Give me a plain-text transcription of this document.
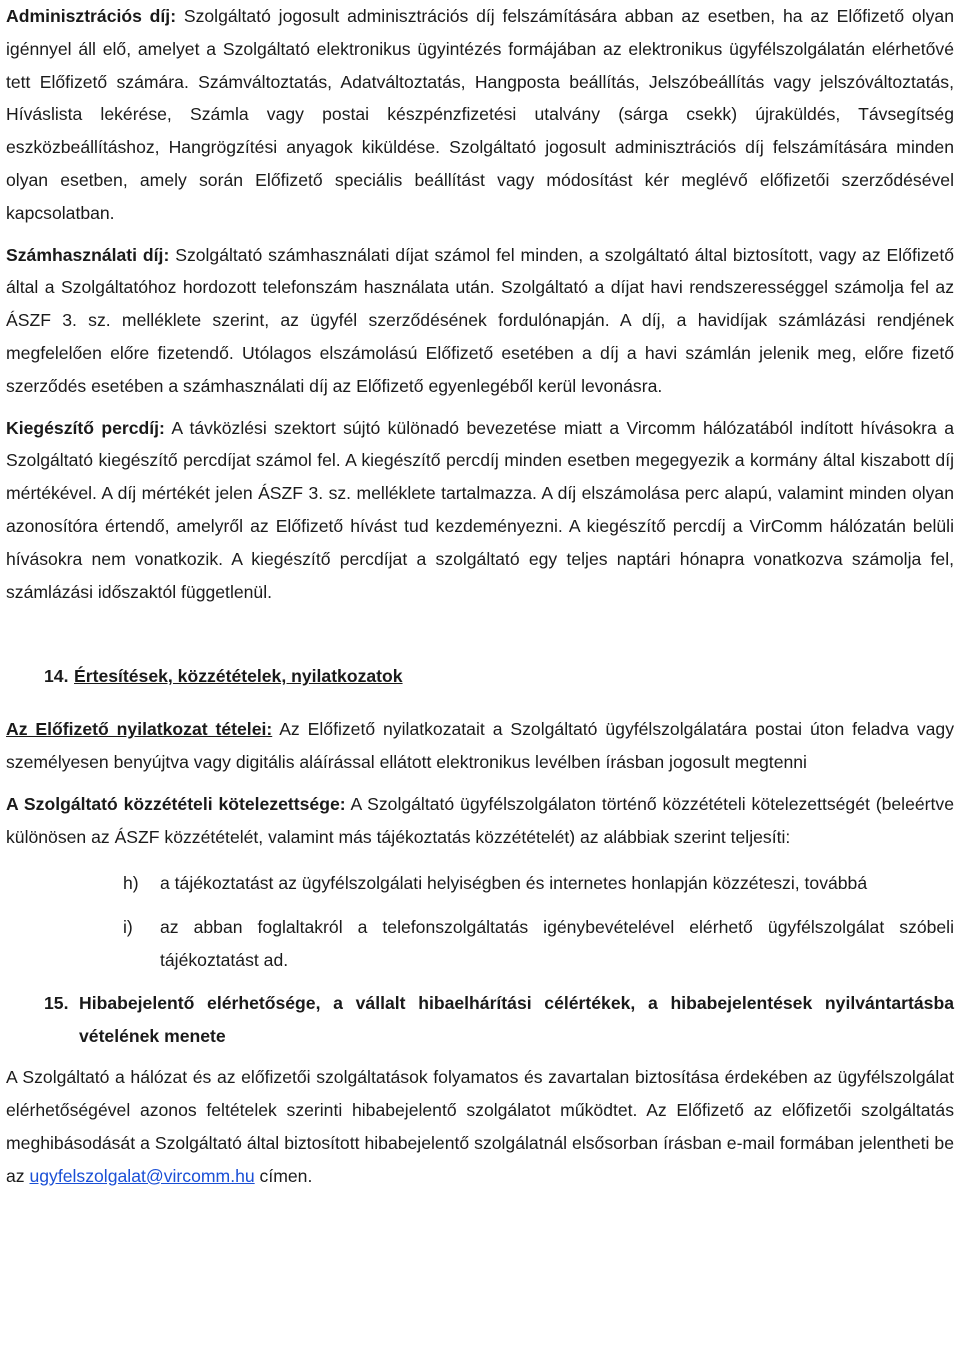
Adminisztrációs díj: Szolgáltató jogosult adminisztrációs díj felszámítására abban az esetben, ha az Előfizető olyan igénnyel áll elő, amelyet a Szolgáltató elektronikus ügyintézés formájában az elektronikus ügyfélszolgálatán elérhetővé tett Előfizető számára. Számváltoztatás, Adatváltoztatás, Hangposta beállítás, Jelszóbeállítás vagy jelszóváltoztatás, Híváslista lekérése, Számla vagy postai készpénzfizetési utalvány (sárga csekk) újraküldés, Távsegítség eszközbeállításhoz, Hangrögzítési anyagok kiküldése. Szolgáltató jogosult adminisztrációs díj felszámítására minden olyan esetben, amely során Előfizető speciális beállítást vagy módosítást kér meglévő előfizetői szerződésével kapcsolatban.

Számhasználati díj: Szolgáltató számhasználati díjat számol fel minden, a szolgáltató által biztosított, vagy az Előfizető által a Szolgáltatóhoz hordozott telefonszám használata után. Szolgáltató a díjat havi rendszerességgel számolja fel az ÁSZF 3. sz. melléklete szerint, az ügyfél szerződésének fordulónapján. A díj, a havidíjak számlázási rendjének megfelelően előre fizetendő. Utólagos elszámolású Előfizető esetében a díj a havi számlán jelenik meg, előre fizető szerződés esetében a számhasználati díj az Előfizető egyenlegéből kerül levonásra.

Kiegészítő percdíj: A távközlési szektort sújtó különadó bevezetése miatt a Vircomm hálózatából indított hívásokra a Szolgáltató kiegészítő percdíjat számol fel. A kiegészítő percdíj minden esetben megegyezik a kormány által kiszabott díj mértékével. A díj mértékét jelen ÁSZF 3. sz. melléklete tartalmazza. A díj elszámolása perc alapú, valamint minden olyan azonosítóra értendő, amelyről az Előfizető hívást tud kezdeményezni. A kiegészítő percdíj a VirComm hálózatán belüli hívásokra nem vonatkozik. A kiegészítő percdíjat a szolgáltató egy teljes naptári hónapra vonatkozva számolja fel, számlázási időszaktól függetlenül.

14. Értesítések, közzétételek, nyilatkozatok

Az Előfizető nyilatkozat tételei: Az Előfizető nyilatkozatait a Szolgáltató ügyfélszolgálatára postai úton feladva vagy személyesen benyújtva vagy digitális aláírással ellátott elektronikus levélben írásban jogosult megtenni

A Szolgáltató közzétételi kötelezettsége: A Szolgáltató ügyfélszolgálaton történő közzétételi kötelezettségét (beleértve különösen az ÁSZF közzétételét, valamint más tájékoztatás közzétételét) az alábbiak szerint teljesíti:

h) a tájékoztatást az ügyfélszolgálati helyiségben és internetes honlapján közzéteszi, továbbá
i) az abban foglaltakról a telefonszolgáltatás igénybevételével elérhető ügyfélszolgálat szóbeli tájékoztatást ad.
15. Hibabejelentő elérhetősége, a vállalt hibaelhárítási célértékek, a hibabejelentések nyilvántartásba vételének menete

A Szolgáltató a hálózat és az előfizetői szolgáltatások folyamatos és zavartalan biztosítása érdekében az ügyfélszolgálat elérhetőségével azonos feltételek szerinti hibabejelentő szolgálatot működtet. Az Előfizető az előfizetői szolgáltatás meghibásodását a Szolgáltató által biztosított hibabejelentő szolgálatnál elsősorban írásban e-mail formában jelentheti be az ugyfelszolgalat@vircomm.hu címen.
